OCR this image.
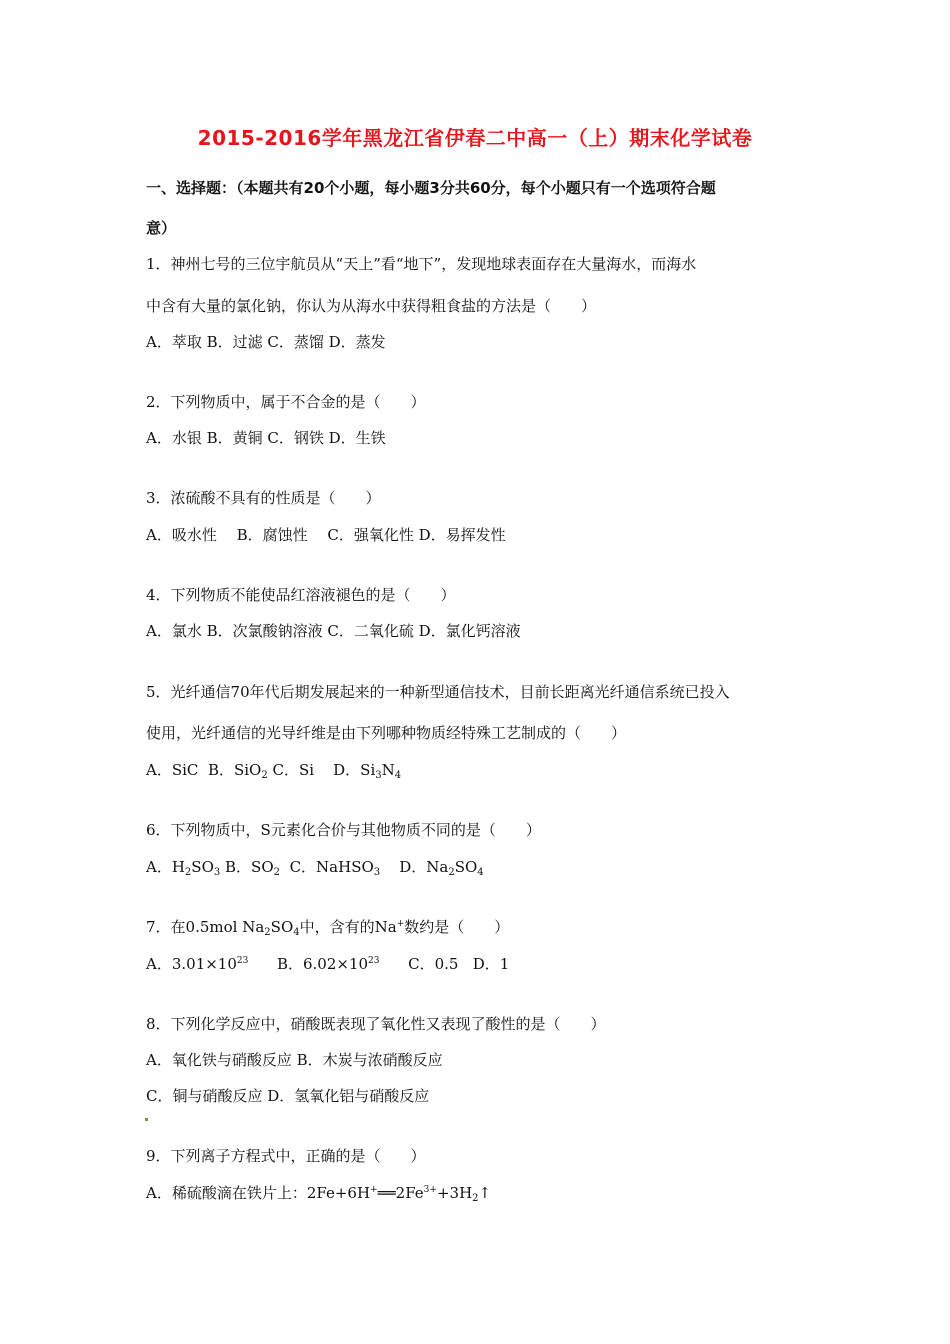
2015-2016学年黑龙江省伊春二中高一（上）期末化学试卷
一、选择题：（本题共有20个小题，每小题3分共60分，每个小题只有一个选项符合题
意）
1．神州七号的三位宇航员从“天上”看“地下”，发现地球表面存在大量海水，而海水
中含有大量的氯化钠，你认为从海水中获得粗食盐的方法是（　　）
A．萃取 B．过滤 C．蒸馏 D．蒸发
2．下列物质中，属于不合金的是（　　）
A．水银 B．黄铜 C．钢铁 D．生铁
3．浓硫酸不具有的性质是（　　）
A．吸水性　 B．腐蚀性　 C．强氧化性 D．易挥发性
4．下列物质不能使品红溶液褪色的是（　　）
A．氯水 B．次氯酸钠溶液 C．二氧化硫 D．氯化钙溶液
5．光纤通信70年代后期发展起来的一种新型通信技术，目前长距离光纤通信系统已投入
使用，光纤通信的光导纤维是由下列哪种物质经特殊工艺制成的（　　）
A．SiC B．SiO$_2$ C．Si D．$Si_3N_4$
6．下列物质中，S元素化合价与其他物质不同的是（　　）
A．$H_2SO_3$ B．$SO_2$ C．NaHSO$_3$ D．$Na_2SO_4$
7．在0.5mol $Na_2SO_4$中，含有的Na+数约是（　　）
A．$3.01\times 10^{23}$ B．$6.02\times 10^{23}$ C．0.5 D．1
8．下列化学反应中，硝酸既表现了氧化性又表现了酸性的是（　　）
A．氧化铁与硝酸反应 B．木炭与浓硝酸反应
C．铜与硝酸反应 D．氢氧化铝与硝酸反应
9．下列离子方程式中，正确的是（　　）
A．稀硫酸滴在铁片上：$2Fe+6H^+══2Fe^{3+}+3H_2↑$
